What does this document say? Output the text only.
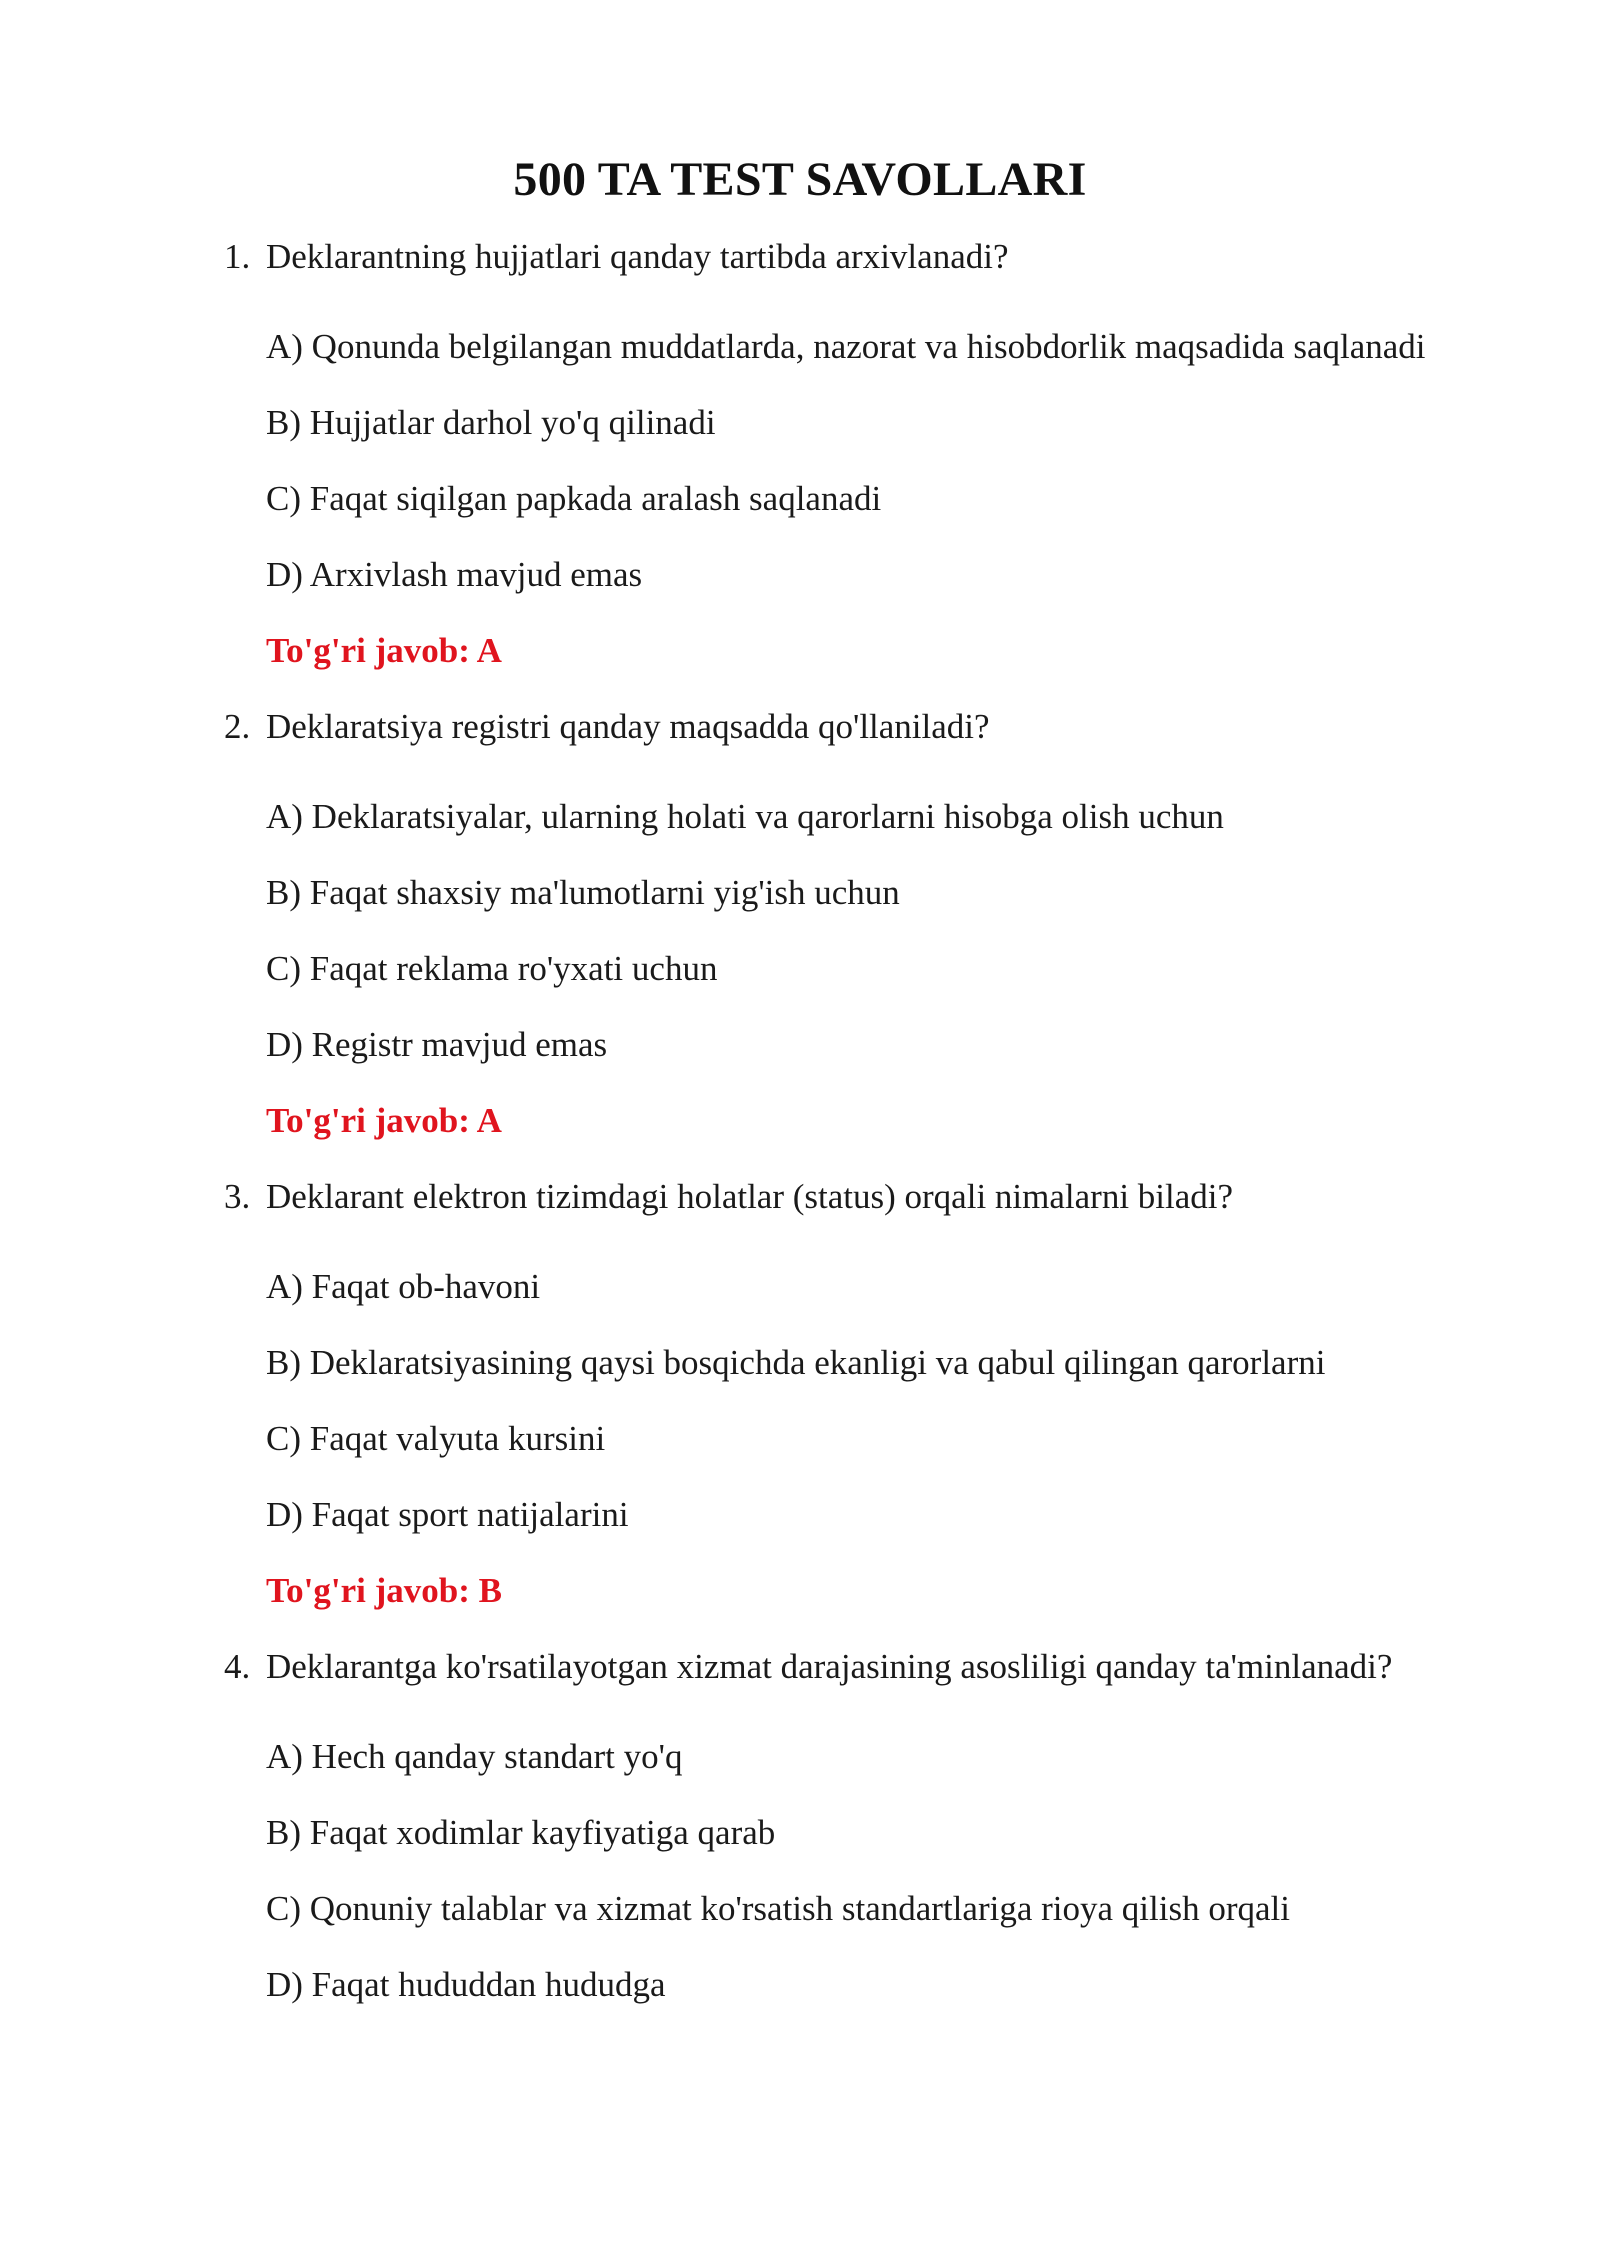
500 TA TEST SAVOLLARI
1. Deklarantning hujjatlari qanday tartibda arxivlanadi?
A) Qonunda belgilangan muddatlarda, nazorat va hisobdorlik maqsadida saqlanadi
B) Hujjatlar darhol yo'q qilinadi
C) Faqat siqilgan papkada aralash saqlanadi
D) Arxivlash mavjud emas
To'g'ri javob: A
2. Deklaratsiya registri qanday maqsadda qo'llaniladi?
A) Deklaratsiyalar, ularning holati va qarorlarni hisobga olish uchun
B) Faqat shaxsiy ma'lumotlarni yig'ish uchun
C) Faqat reklama ro'yxati uchun
D) Registr mavjud emas
To'g'ri javob: A
3. Deklarant elektron tizimdagi holatlar (status) orqali nimalarni biladi?
A) Faqat ob-havoni
B) Deklaratsiyasining qaysi bosqichda ekanligi va qabul qilingan qarorlarni
C) Faqat valyuta kursini
D) Faqat sport natijalarini
To'g'ri javob: B
4. Deklarantga ko'rsatilayotgan xizmat darajasining asosliligi qanday ta'minlanadi?
A) Hech qanday standart yo'q
B) Faqat xodimlar kayfiyatiga qarab
C) Qonuniy talablar va xizmat ko'rsatish standartlariga rioya qilish orqali
D) Faqat hududdan hududga
